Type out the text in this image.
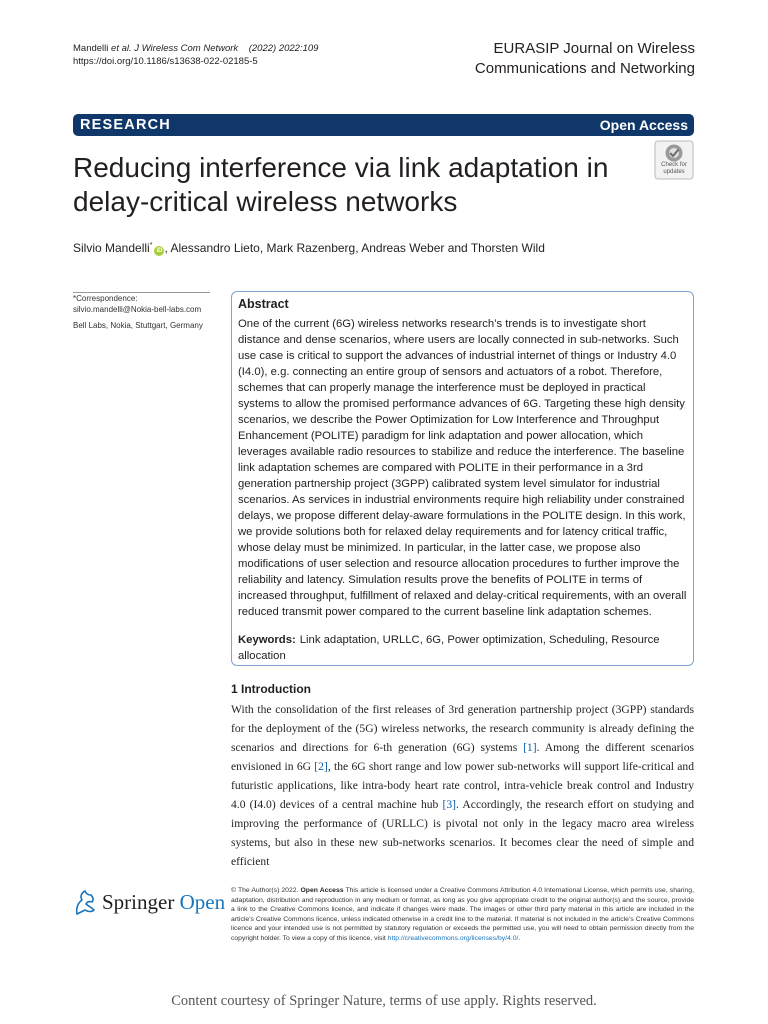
Mandelli et al. J Wireless Com Network (2022) 2022:109
https://doi.org/10.1186/s13638-022-02185-5
EURASIP Journal on Wireless
Communications and Networking
RESEARCH	Open Access
Reducing interference via link adaptation in delay-critical wireless networks
Check for
updates
Silvio Mandelli*iD , Alessandro Lieto, Mark Razenberg, Andreas Weber and Thorsten Wild
*Correspondence:
silvio.mandelli@Nokia-bell-labs.com
Bell Labs, Nokia, Stuttgart, Germany
Abstract
One of the current (6G) wireless networks research’s trends is to investigate short distance and dense scenarios, where users are locally connected in sub-networks. Such use case is critical to support the advances of industrial internet of things or Industry 4.0 (I4.0), e.g. connecting an entire group of sensors and actuators of a robot. Therefore, schemes that can properly manage the interference must be deployed in practical systems to allow the promised performance advances of 6G. Targeting these high density scenarios, we describe the Power Optimization for Low Interference and Throughput Enhancement (POLITE) paradigm for link adaptation and power allocation, which leverages available radio resources to stabilize and reduce the interference. The baseline link adaptation schemes are compared with POLITE in their performance in a 3rd generation partnership project (3GPP) calibrated system level simulator for industrial scenarios. As services in industrial environments require high reliability under constrained delays, we propose different delay-aware formulations in the POLITE design. In this work, we provide solutions both for relaxed delay requirements and for latency critical traffic, whose delay must be minimized. In particular, in the latter case, we propose also modifications of user selection and resource allocation procedures to further improve the reliability and latency. Simulation results prove the benefits of POLITE in terms of increased throughput, fulfillment of relaxed and delay-critical requirements, with an overall reduced transmit power compared to the current baseline link adaptation schemes.
Keywords: Link adaptation, URLLC, 6G, Power optimization, Scheduling, Resource allocation
1 Introduction
With the consolidation of the first releases of 3rd generation partnership project (3GPP) standards for the deployment of the (5G) wireless networks, the research community is already defining the scenarios and directions for 6-th generation (6G) systems [1]. Among the different scenarios envisioned in 6G [2], the 6G short range and low power sub-networks will support life-critical and futuristic applications, like intra-body heart rate control, intra-vehicle break control and Industry 4.0 (I4.0) devices of a central machine hub [3]. Accordingly, the research effort on studying and improving the performance of (URLLC) is pivotal not only in the legacy macro area wireless systems, but also in these new sub-networks scenarios. It becomes clear the need of simple and efficient
Springer Open © The Author(s) 2022. Open Access This article is licensed under a Creative Commons Attribution 4.0 International License, which permits use, sharing, adaptation, distribution and reproduction in any medium or format, as long as you give appropriate credit to the original author(s) and the source, provide a link to the Creative Commons licence, and indicate if changes were made. The images or other third party material in this article are included in the article’s Creative Commons licence, unless indicated otherwise in a credit line to the material. If material is not included in the article’s Creative Commons licence and your intended use is not permitted by statutory regulation or exceeds the permitted use, you will need to obtain permission directly from the copyright holder. To view a copy of this licence, visit http://creativecommons.org/licenses/by/4.0/.
Content courtesy of Springer Nature, terms of use apply. Rights reserved.
